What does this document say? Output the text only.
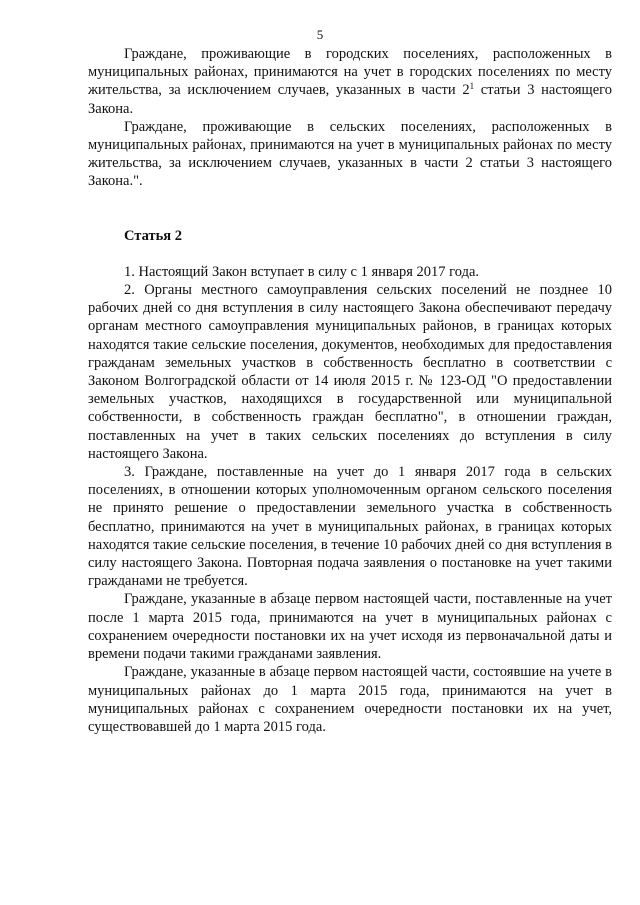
5

Граждане, проживающие в городских поселениях, расположенных в муниципальных районах, принимаются на учет в городских поселениях по месту жительства, за исключением случаев, указанных в части $2^1$ статьи 3 настоящего Закона.

Граждане, проживающие в сельских поселениях, расположенных в муниципальных районах, принимаются на учет в муниципальных районах по месту жительства, за исключением случаев, указанных в части 2 статьи 3 настоящего Закона.".

Статья 2

1. Настоящий Закон вступает в силу с 1 января 2017 года.

2. Органы местного самоуправления сельских поселений не позднее 10 рабочих дней со дня вступления в силу настоящего Закона обеспечивают передачу органам местного самоуправления муниципальных районов, в границах которых находятся такие сельские поселения, документов, необходимых для предоставления гражданам земельных участков в собственность бесплатно в соответствии с Законом Волгоградской области от 14 июля 2015 г. № 123-ОД "О предоставлении земельных участков, находящихся в государственной или муниципальной собственности, в собственность граждан бесплатно", в отношении граждан, поставленных на учет в таких сельских поселениях до вступления в силу настоящего Закона.

3. Граждане, поставленные на учет до 1 января 2017 года в сельских поселениях, в отношении которых уполномоченным органом сельского поселения не принято решение о предоставлении земельного участка в собственность бесплатно, принимаются на учет в муниципальных районах, в границах которых находятся такие сельские поселения, в течение 10 рабочих дней со дня вступления в силу настоящего Закона. Повторная подача заявления о постановке на учет такими гражданами не требуется.

Граждане, указанные в абзаце первом настоящей части, поставленные на учет после 1 марта 2015 года, принимаются на учет в муниципальных районах с сохранением очередности постановки их на учет исходя из первоначальной даты и времени подачи такими гражданами заявления.

Граждане, указанные в абзаце первом настоящей части, состоявшие на учете в муниципальных районах до 1 марта 2015 года, принимаются на учет в муниципальных районах с сохранением очередности постановки их на учет, существовавшей до 1 марта 2015 года.
